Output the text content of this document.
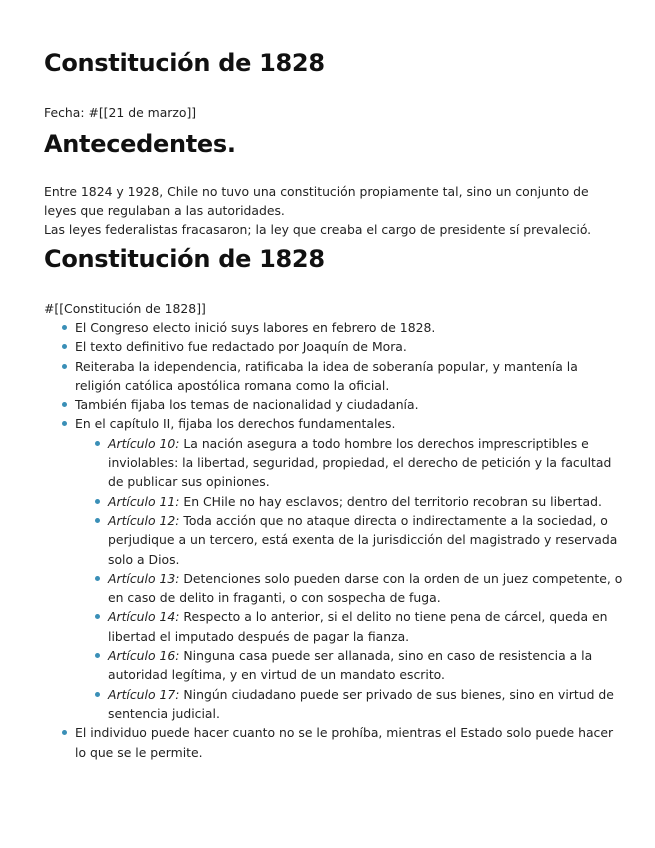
Constitución de 1828

Fecha: #[[21 de marzo]]

Antecedentes.

Entre 1824 y 1928, Chile no tuvo una constitución propiamente tal, sino un conjunto de leyes que regulaban a las autoridades.

Las leyes federalistas fracasaron; la ley que creaba el cargo de presidente sí prevaleció.

Constitución de 1828

#[[Constitución de 1828]]

El Congreso electo inició suys labores en febrero de 1828.
El texto definitivo fue redactado por Joaquín de Mora.
Reiteraba la idependencia, ratificaba la idea de soberanía popular, y mantenía la religión católica apostólica romana como la oficial.
También fijaba los temas de nacionalidad y ciudadanía.
En el capítulo II, fijaba los derechos fundamentales.
Artículo 10: La nación asegura a todo hombre los derechos imprescriptibles e inviolables: la libertad, seguridad, propiedad, el derecho de petición y la facultad de publicar sus opiniones.
Artículo 11: En CHile no hay esclavos; dentro del territorio recobran su libertad.
Artículo 12: Toda acción que no ataque directa o indirectamente a la sociedad, o perjudique a un tercero, está exenta de la jurisdicción del magistrado y reservada solo a Dios.
Artículo 13: Detenciones solo pueden darse con la orden de un juez competente, o en caso de delito in fraganti, o con sospecha de fuga.
Artículo 14: Respecto a lo anterior, si el delito no tiene pena de cárcel, queda en libertad el imputado después de pagar la fianza.
Artículo 16: Ninguna casa puede ser allanada, sino en caso de resistencia a la autoridad legítima, y en virtud de un mandato escrito.
Artículo 17: Ningún ciudadano puede ser privado de sus bienes, sino en virtud de sentencia judicial.
El individuo puede hacer cuanto no se le prohíba, mientras el Estado solo puede hacer lo que se le permite.
